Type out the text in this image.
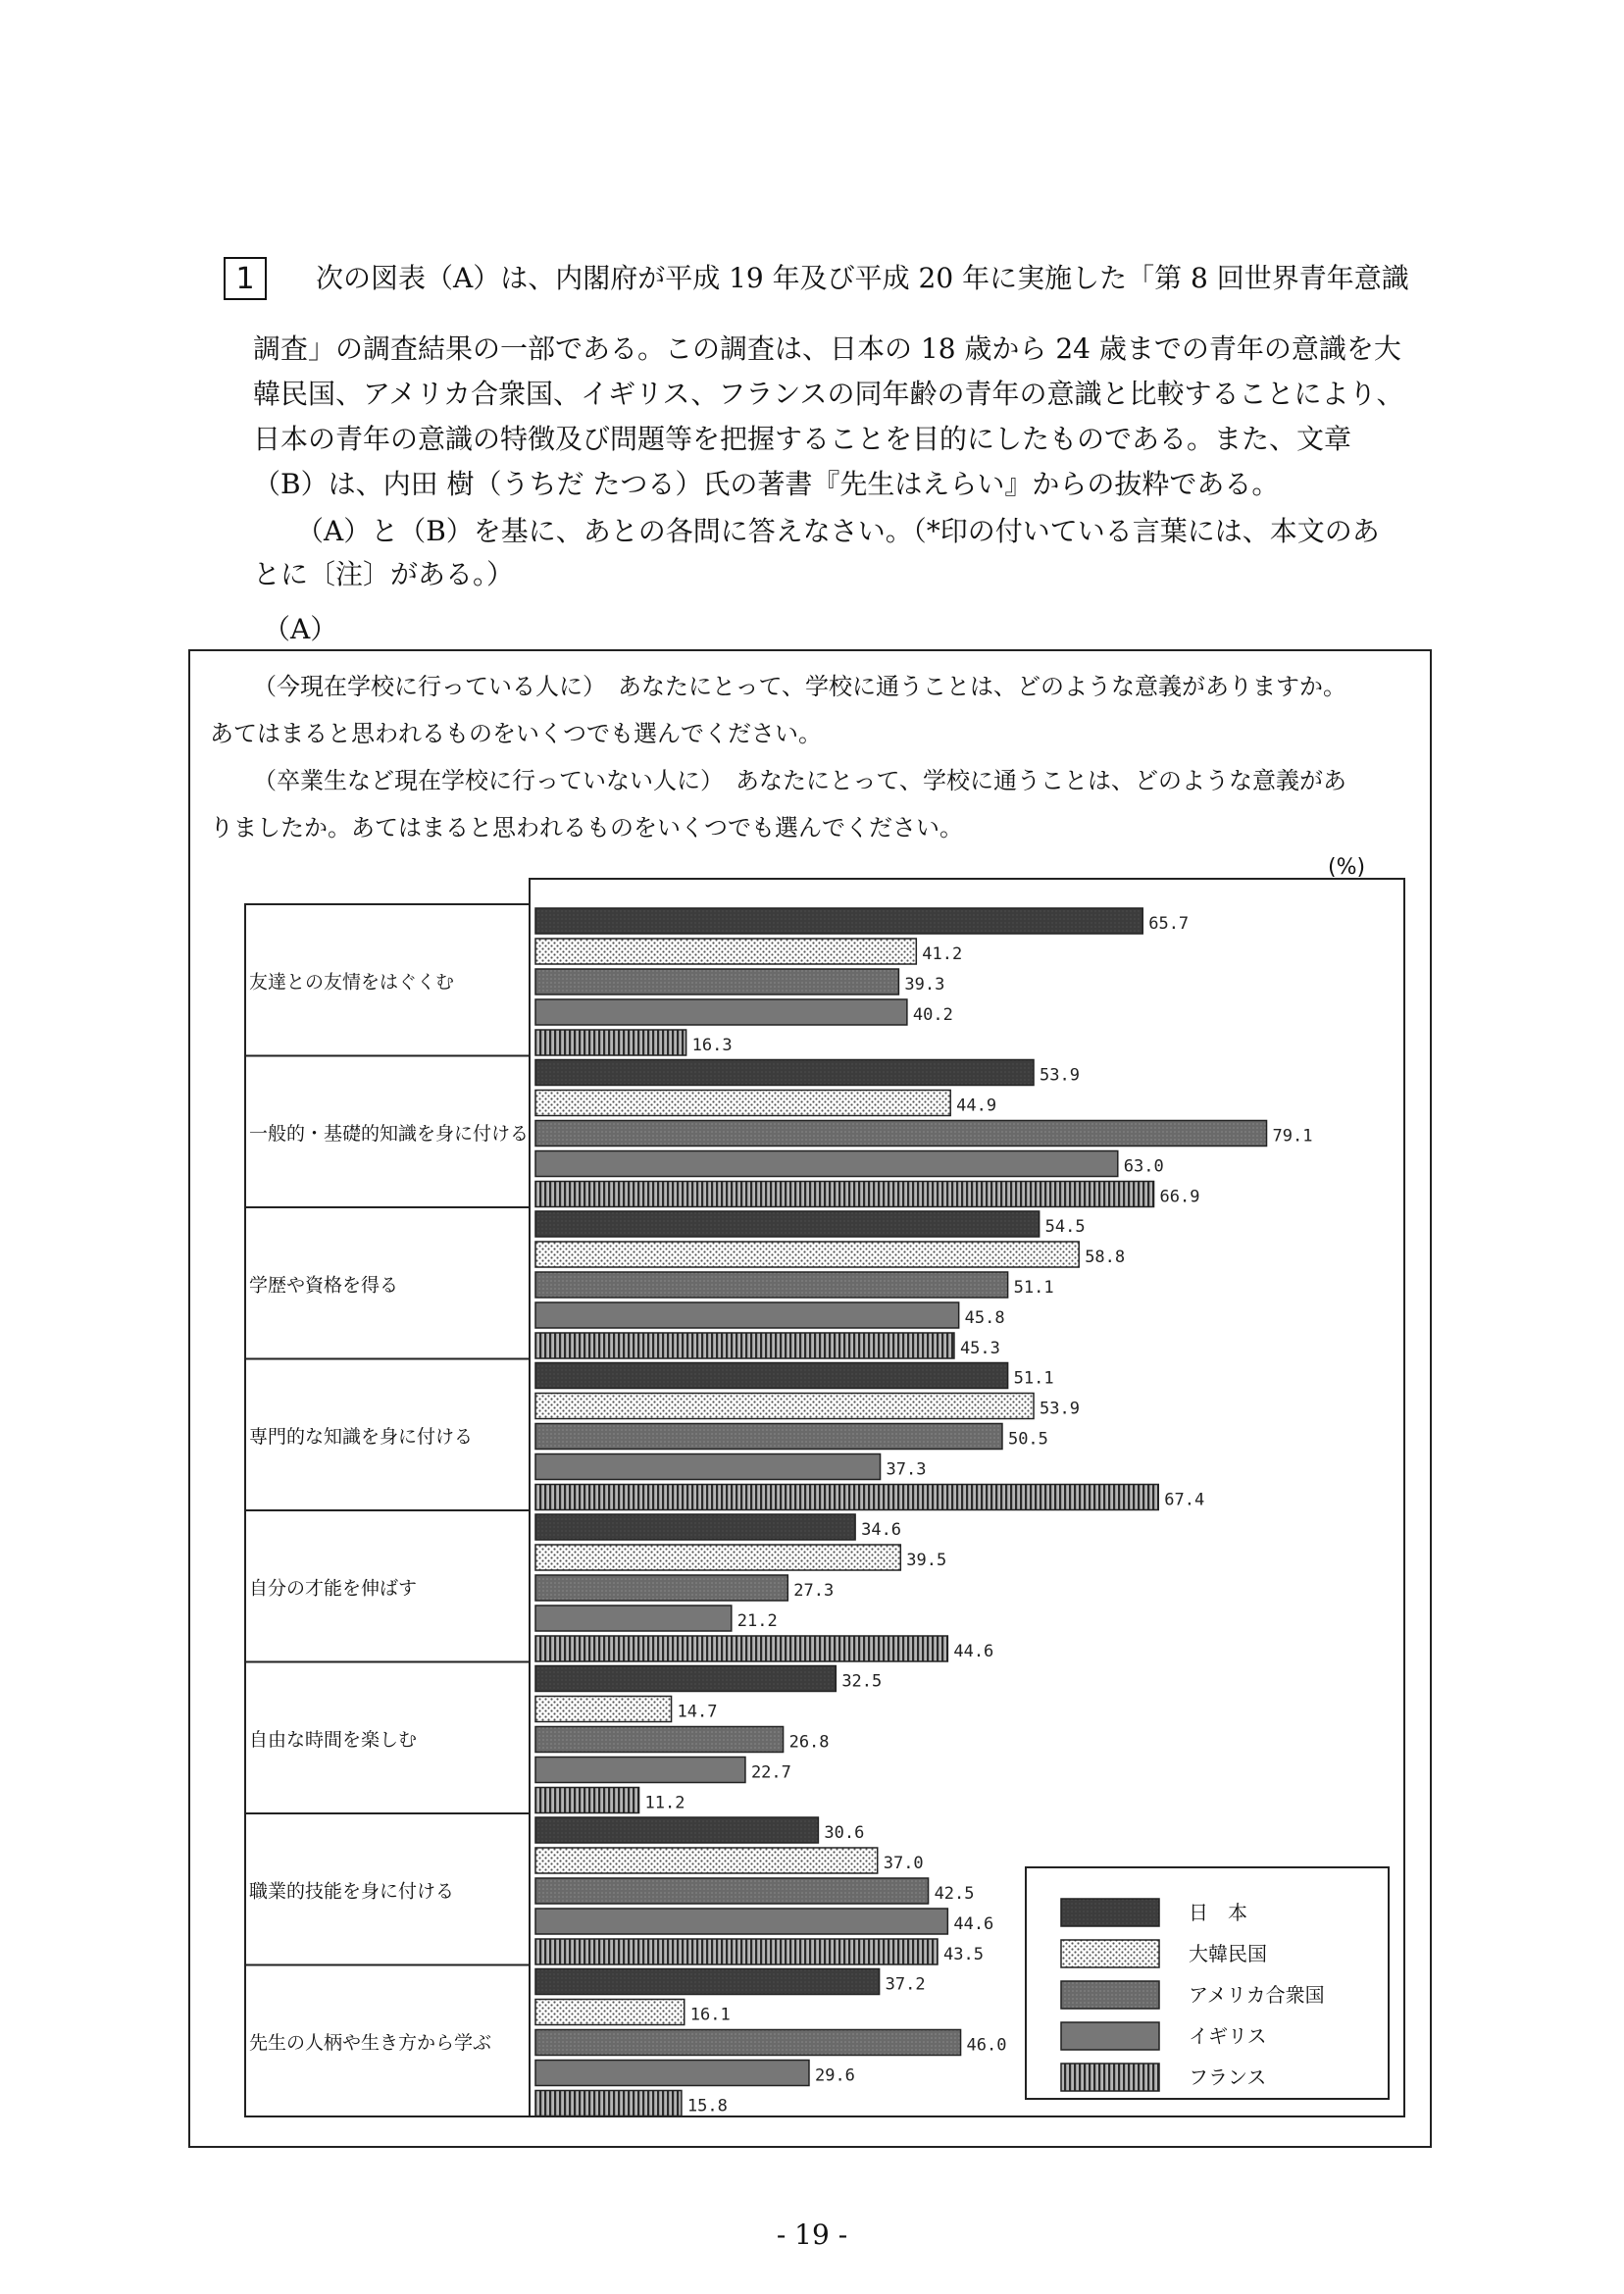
1	次の図表（A）は、内閣府が平成 19 年及び平成 20 年に実施した「第 8 回世界青年意識
調査」の調査結果の一部である。この調査は、日本の 18 歳から 24 歳までの青年の意識を大
韓民国、アメリカ合衆国、イギリス、フランスの同年齢の青年の意識と比較することにより、
日本の青年の意識の特徴及び問題等を把握することを目的にしたものである。また、文章
（B）は、内田 樹（うちだ たつる）氏の著書『先生はえらい』からの抜粋である。
（A）と（B）を基に、あとの各問に答えなさい。（*印の付いている言葉には、本文のあ
とに〔注〕がある。）
（A）
（今現在学校に行っている人に）　あなたにとって、学校に通うことは、どのような意義がありますか。
あてはまると思われるものをいくつでも選んでください。
（卒業生など現在学校に行っていない人に）　あなたにとって、学校に通うことは、どのような意義があ
りましたか。あてはまると思われるものをいくつでも選んでください。
(%)
友達との友情をはぐくむ
一般的・基礎的知識を身に付ける
学歴や資格を得る
専門的な知識を身に付ける
自分の才能を伸ばす
自由な時間を楽しむ
職業的技能を身に付ける
先生の人柄や生き方から学ぶ
65.7
41.2
39.3
40.2
16.3
53.9
44.9
79.1
63.0
66.9
54.5
58.8
51.1
45.8
45.3
51.1
53.9
50.5
37.3
67.4
34.6
39.5
27.3
21.2
44.6
32.5
14.7
26.8
22.7
11.2
30.6
37.0
42.5
44.6
43.5
37.2
16.1
46.0
29.6
15.8
日　本
大韓民国
アメリカ合衆国
イギリス
フランス
- 19 -
